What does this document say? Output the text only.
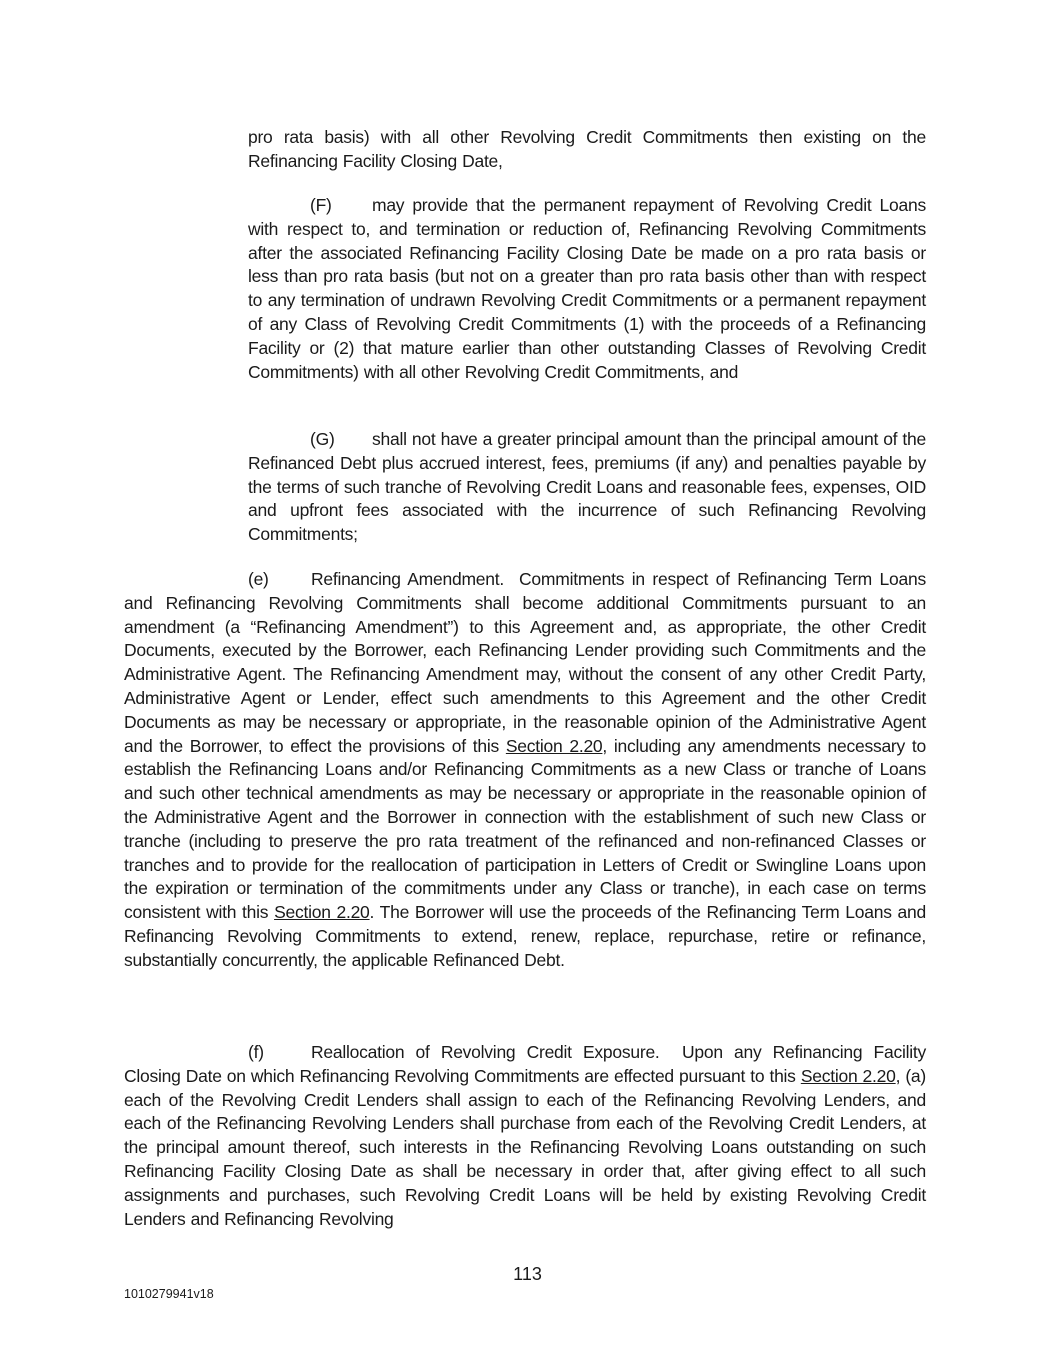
pro rata basis) with all other Revolving Credit Commitments then existing on the Refinancing Facility Closing Date,
(F) may provide that the permanent repayment of Revolving Credit Loans with respect to, and termination or reduction of, Refinancing Revolving Commitments after the associated Refinancing Facility Closing Date be made on a pro rata basis or less than pro rata basis (but not on a greater than pro rata basis other than with respect to any termination of undrawn Revolving Credit Commitments or a permanent repayment of any Class of Revolving Credit Commitments (1) with the proceeds of a Refinancing Facility or (2) that mature earlier than other outstanding Classes of Revolving Credit Commitments) with all other Revolving Credit Commitments, and
(G) shall not have a greater principal amount than the principal amount of the Refinanced Debt plus accrued interest, fees, premiums (if any) and penalties payable by the terms of such tranche of Revolving Credit Loans and reasonable fees, expenses, OID and upfront fees associated with the incurrence of such Refinancing Revolving Commitments;
(e) Refinancing Amendment. Commitments in respect of Refinancing Term Loans and Refinancing Revolving Commitments shall become additional Commitments pursuant to an amendment (a “Refinancing Amendment”) to this Agreement and, as appropriate, the other Credit Documents, executed by the Borrower, each Refinancing Lender providing such Commitments and the Administrative Agent. The Refinancing Amendment may, without the consent of any other Credit Party, Administrative Agent or Lender, effect such amendments to this Agreement and the other Credit Documents as may be necessary or appropriate, in the reasonable opinion of the Administrative Agent and the Borrower, to effect the provisions of this Section 2.20, including any amendments necessary to establish the Refinancing Loans and/or Refinancing Commitments as a new Class or tranche of Loans and such other technical amendments as may be necessary or appropriate in the reasonable opinion of the Administrative Agent and the Borrower in connection with the establishment of such new Class or tranche (including to preserve the pro rata treatment of the refinanced and non-refinanced Classes or tranches and to provide for the reallocation of participation in Letters of Credit or Swingline Loans upon the expiration or termination of the commitments under any Class or tranche), in each case on terms consistent with this Section 2.20. The Borrower will use the proceeds of the Refinancing Term Loans and Refinancing Revolving Commitments to extend, renew, replace, repurchase, retire or refinance, substantially concurrently, the applicable Refinanced Debt.
(f)	Reallocation of Revolving Credit Exposure. Upon any Refinancing Facility Closing Date on which Refinancing Revolving Commitments are effected pursuant to this Section 2.20, (a) each of the Revolving Credit Lenders shall assign to each of the Refinancing Revolving Lenders, and each of the Refinancing Revolving Lenders shall purchase from each of the Revolving Credit Lenders, at the principal amount thereof, such interests in the Refinancing Revolving Loans outstanding on such Refinancing Facility Closing Date as shall be necessary in order that, after giving effect to all such assignments and purchases, such Revolving Credit Loans will be held by existing Revolving Credit Lenders and Refinancing Revolving
113
1010279941v18
